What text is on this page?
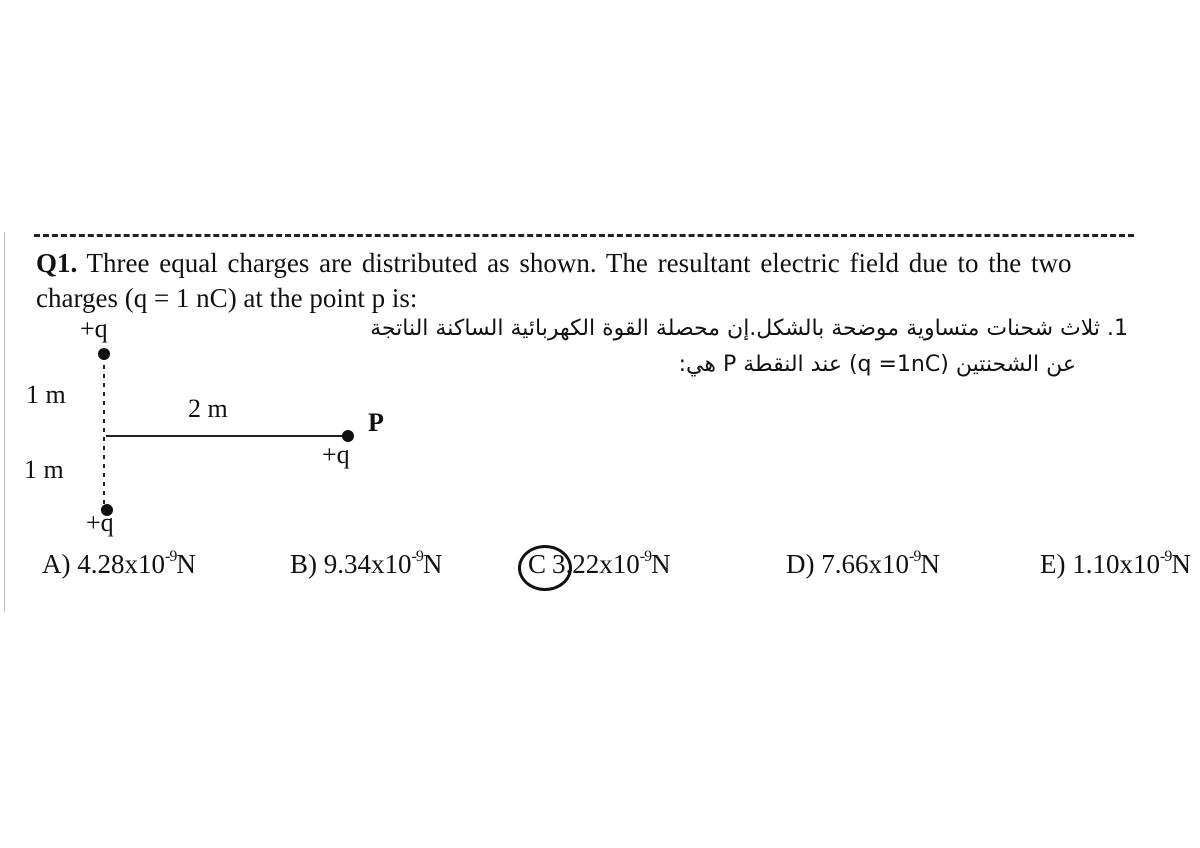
Q1. Three equal charges are distributed as shown. The resultant electric field due to the two
charges (q = 1 nC) at the point p is:
1. ثلاث شحنات متساوية موضحة بالشكل.إن محصلة القوة الكهربائية الساكنة الناتجة
عن الشحنتين (q =1nC) عند النقطة P هي:
+q
1 m	2 m	P
+q
1 m
+q
A) $4.28x10^{-9}N$	B) $9.34x10^{-9}N$	C $3.22x10^{-9}N$	D) $7.66x10^{-9}N$	E) $1.10x10^{-9}N$
